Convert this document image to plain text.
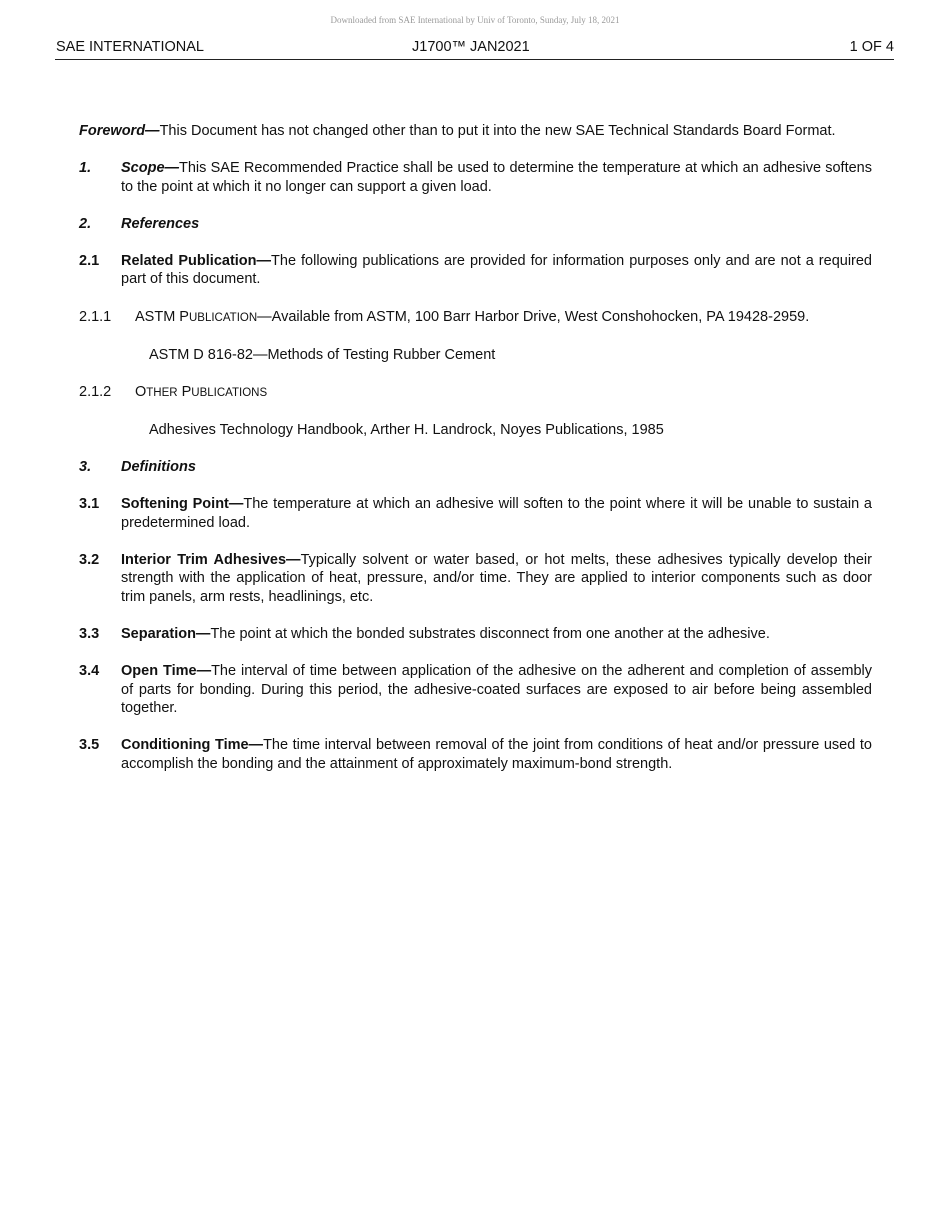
Downloaded from SAE International by Univ of Toronto, Sunday, July 18, 2021
SAE INTERNATIONAL	J1700™ JAN2021	1 OF 4

Foreword—This Document has not changed other than to put it into the new SAE Technical Standards Board Format.

1. Scope—This SAE Recommended Practice shall be used to determine the temperature at which an adhesive softens to the point at which it no longer can support a given load.

2. References

2.1 Related Publication—The following publications are provided for information purposes only and are not a required part of this document.

2.1.1 ASTM PUBLICATION—Available from ASTM, 100 Barr Harbor Drive, West Conshohocken, PA 19428-2959.

ASTM D 816-82—Methods of Testing Rubber Cement

2.1.2 OTHER PUBLICATIONS

Adhesives Technology Handbook, Arther H. Landrock, Noyes Publications, 1985

3. Definitions

3.1 Softening Point—The temperature at which an adhesive will soften to the point where it will be unable to sustain a predetermined load.

3.2 Interior Trim Adhesives—Typically solvent or water based, or hot melts, these adhesives typically develop their strength with the application of heat, pressure, and/or time. They are applied to interior components such as door trim panels, arm rests, headlinings, etc.

3.3 Separation—The point at which the bonded substrates disconnect from one another at the adhesive.

3.4 Open Time—The interval of time between application of the adhesive on the adherent and completion of assembly of parts for bonding. During this period, the adhesive-coated surfaces are exposed to air before being assembled together.

3.5 Conditioning Time—The time interval between removal of the joint from conditions of heat and/or pressure used to accomplish the bonding and the attainment of approximately maximum-bond strength.
